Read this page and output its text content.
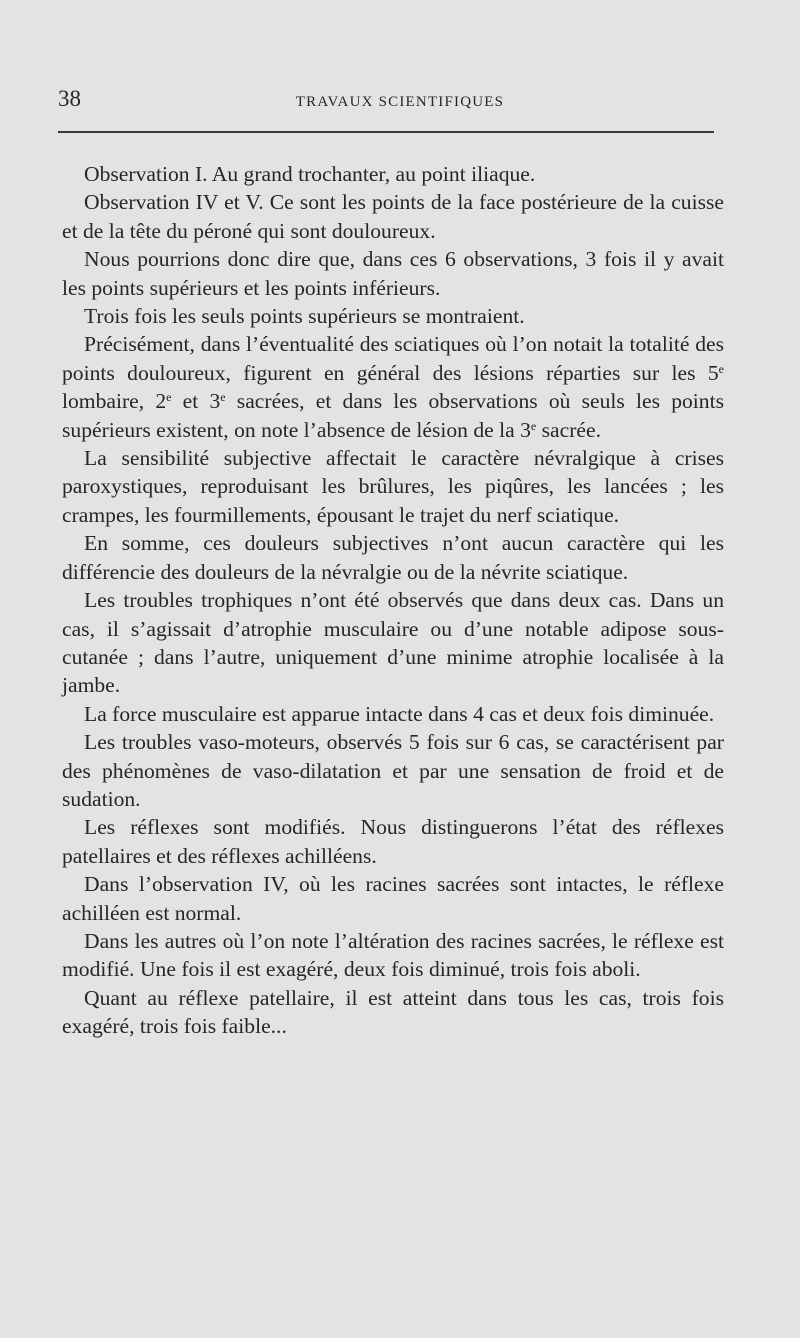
38	TRAVAUX SCIENTIFIQUES

Observation I. Au grand trochanter, au point iliaque.

Observation IV et V. Ce sont les points de la face postérieure de la cuisse et de la tête du péroné qui sont douloureux.

Nous pourrions donc dire que, dans ces 6 observations, 3 fois il y avait les points supérieurs et les points inférieurs.

Trois fois les seuls points supérieurs se montraient.

Précisément, dans l’éventualité des sciatiques où l’on notait la totalité des points douloureux, figurent en général des lésions réparties sur les 5e lombaire, 2e et 3e sacrées, et dans les observations où seuls les points supérieurs existent, on note l’absence de lésion de la 3e sacrée.

La sensibilité subjective affectait le caractère névralgique à crises paroxystiques, reproduisant les brûlures, les piqûres, les lancées ; les crampes, les fourmillements, épousant le trajet du nerf sciatique.

En somme, ces douleurs subjectives n’ont aucun caractère qui les différencie des douleurs de la névralgie ou de la névrite sciatique.

Les troubles trophiques n’ont été observés que dans deux cas. Dans un cas, il s’agissait d’atrophie musculaire ou d’une notable adipose sous-cutanée ; dans l’autre, uniquement d’une minime atrophie localisée à la jambe.

La force musculaire est apparue intacte dans 4 cas et deux fois diminuée.

Les troubles vaso-moteurs, observés 5 fois sur 6 cas, se caractérisent par des phénomènes de vaso-dilatation et par une sensation de froid et de sudation.

Les réflexes sont modifiés. Nous distinguerons l’état des réflexes patellaires et des réflexes achilléens.

Dans l’observation IV, où les racines sacrées sont intactes, le réflexe achilléen est normal.

Dans les autres où l’on note l’altération des racines sacrées, le réflexe est modifié. Une fois il est exagéré, deux fois diminué, trois fois aboli.

Quant au réflexe patellaire, il est atteint dans tous les cas, trois fois exagéré, trois fois faible...
